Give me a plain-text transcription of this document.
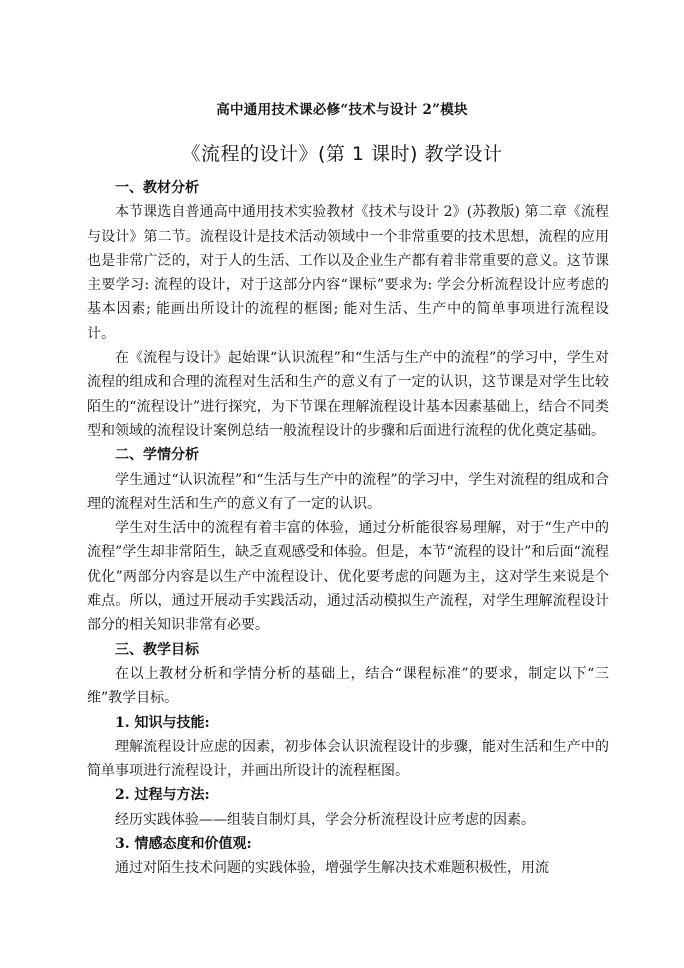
高中通用技术课必修“技术与设计 2”模块
《流程的设计》(第 1 课时) 教学设计
一、教材分析

本节课选自普通高中通用技术实验教材《技术与设计 2》(苏教版) 第二章《流程与设计》第二节。流程设计是技术活动领域中一个非常重要的技术思想，流程的应用也是非常广泛的，对于人的生活、工作以及企业生产都有着非常重要的意义。这节课主要学习: 流程的设计，对于这部分内容“课标”要求为: 学会分析流程设计应考虑的基本因素; 能画出所设计的流程的框图; 能对生活、生产中的简单事项进行流程设计。

在《流程与设计》起始课“认识流程”和“生活与生产中的流程”的学习中，学生对流程的组成和合理的流程对生活和生产的意义有了一定的认识，这节课是对学生比较陌生的“流程设计”进行探究，为下节课在理解流程设计基本因素基础上，结合不同类型和领域的流程设计案例总结一般流程设计的步骤和后面进行流程的优化奠定基础。

二、学情分析

学生通过“认识流程”和“生活与生产中的流程”的学习中，学生对流程的组成和合理的流程对生活和生产的意义有了一定的认识。

学生对生活中的流程有着丰富的体验，通过分析能很容易理解，对于“生产中的流程”学生却非常陌生，缺乏直观感受和体验。但是，本节“流程的设计”和后面“流程优化”两部分内容是以生产中流程设计、优化要考虑的问题为主，这对学生来说是个难点。所以，通过开展动手实践活动，通过活动模拟生产流程，对学生理解流程设计部分的相关知识非常有必要。

三、教学目标

在以上教材分析和学情分析的基础上，结合“课程标准”的要求，制定以下“三维”教学目标。

1. 知识与技能:

理解流程设计应虑的因素，初步体会认识流程设计的步骤，能对生活和生产中的简单事项进行流程设计，并画出所设计的流程框图。

2. 过程与方法:

经历实践体验——组装自制灯具，学会分析流程设计应考虑的因素。

3. 情感态度和价值观:

通过对陌生技术问题的实践体验，增强学生解决技术难题积极性，用流
